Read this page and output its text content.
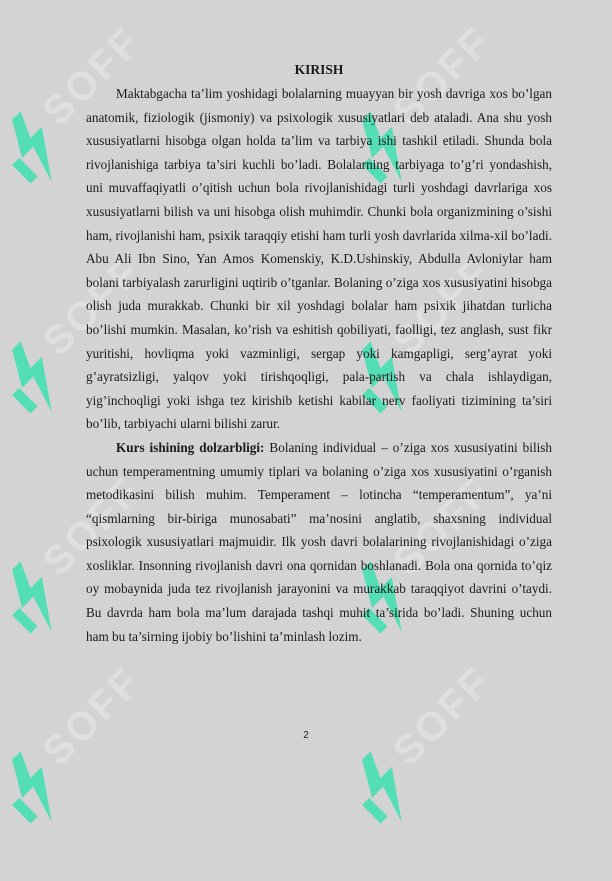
SOFF	SOFF
SOFF	SOFF
SOFF	SOFF
SOFF	SOFF

KIRISH

Maktabgacha ta’lim yoshidagi bolalarning muayyan bir yosh davriga xos bo’lgan anatomik, fiziologik (jismoniy) va psixologik xususiyatlari deb ataladi. Ana shu yosh xususiyatlarni hisobga olgan holda ta’lim va tarbiya ishi tashkil etiladi. Shunda bola rivojlanishiga tarbiya ta’siri kuchli bo’ladi. Bolalarning tarbiyaga to’g’ri yondashish, uni muvaffaqiyatli o’qitish uchun bola rivojlanishidagi turli yoshdagi davrlariga xos xususiyatlarni bilish va uni hisobga olish muhimdir. Chunki bola organizmining o’sishi ham, rivojlanishi ham, psixik taraqqiy etishi ham turli yosh davrlarida xilma-xil bo’ladi. Abu Ali Ibn Sino, Yan Amos Komenskiy, K.D.Ushinskiy, Abdulla Avloniylar ham bolani tarbiyalash zarurligini uqtirib o’tganlar. Bolaning o’ziga xos xususiyatini hisobga olish juda murakkab. Chunki bir xil yoshdagi bolalar ham psixik jihatdan turlicha bo’lishi mumkin. Masalan, ko’rish va eshitish qobiliyati, faolligi, tez anglash, sust fikr yuritishi, hovliqma yoki vazminligi, sergap yoki kamgapligi, serg’ayrat yoki g’ayratsizligi, yalqov yoki tirishqoqligi, pala-partish va chala ishlaydigan, yig’inchoqligi yoki ishga tez kirishib ketishi kabilar nerv faoliyati tizimining ta’siri bo’lib, tarbiyachi ularni bilishi zarur.

Kurs ishining dolzarbligi: Bolaning individual – o’ziga xos xususiyatini bilish uchun temperamentning umumiy tiplari va bolaning o’ziga xos xususiyatini o’rganish metodikasini bilish muhim. Temperament – lotincha “temperamentum”, ya’ni “qismlarning bir-biriga munosabati” ma’nosini anglatib, shaxsning individual psixologik xususiyatlari majmuidir. Ilk yosh davri bolalarining rivojlanishidagi o’ziga xosliklar. Insonning rivojlanish davri ona qornidan boshlanadi. Bola ona qornida to’qiz oy mobaynida juda tez rivojlanish jarayonini va murakkab taraqqiyot davrini o’taydi. Bu davrda ham bola ma’lum darajada tashqi muhit ta’sirida bo’ladi. Shuning uchun ham bu ta’sirning ijobiy bo’lishini ta’minlash lozim.

2
